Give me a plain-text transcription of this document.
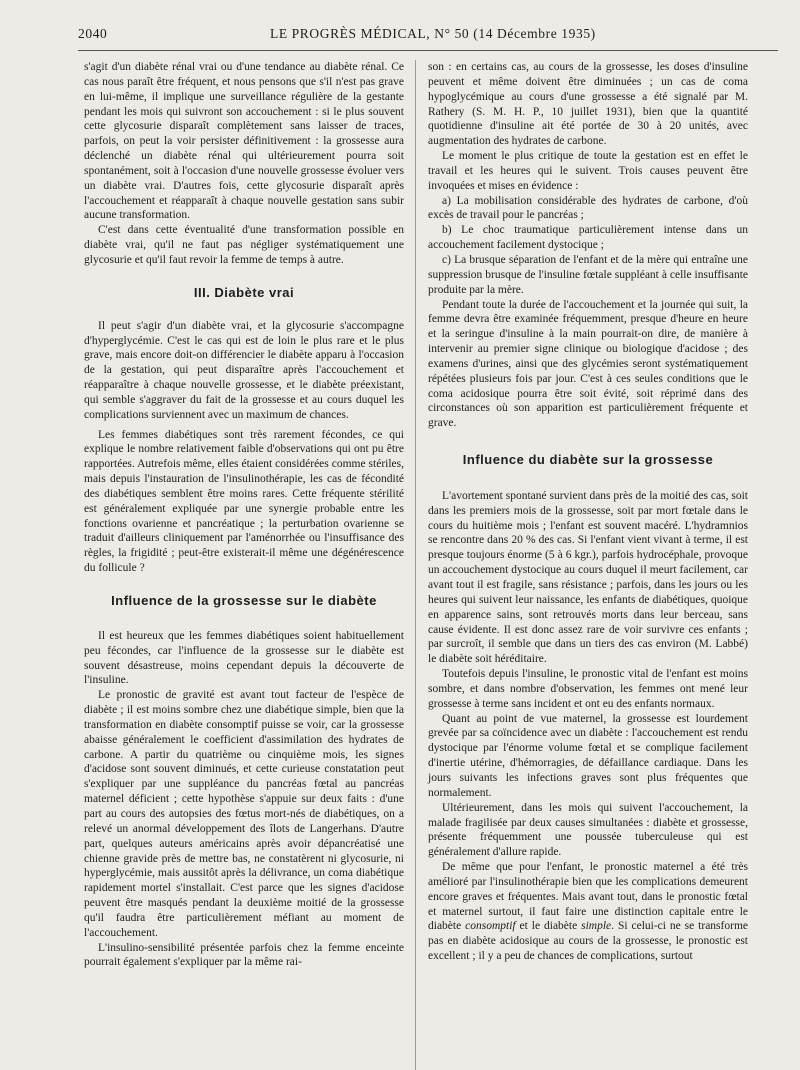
2040	LE PROGRÈS MÉDICAL, N° 50 (14 Décembre 1935)

s'agit d'un diabète rénal vrai ou d'une tendance au diabète rénal. Ce cas nous paraît être fréquent, et nous pensons que s'il n'est pas grave en lui-même, il implique une surveillance régulière de la gestante pendant les mois qui suivront son accouchement : si le plus souvent cette glycosurie disparaît complètement sans laisser de traces, parfois, on peut la voir persister définitivement : la grossesse aura déclenché un diabète rénal qui ultérieurement pourra soit spontanément, soit à l'occasion d'une nouvelle grossesse évoluer vers un diabète vrai. D'autres fois, cette glycosurie disparaît après l'accouchement et réapparaît à chaque nouvelle gestation sans subir aucune transformation.

C'est dans cette éventualité d'une transformation possible en diabète vrai, qu'il ne faut pas négliger systématiquement une glycosurie et qu'il faut revoir la femme de temps à autre.

III. Diabète vrai

Il peut s'agir d'un diabète vrai, et la glycosurie s'accompagne d'hyperglycémie. C'est le cas qui est de loin le plus rare et le plus grave, mais encore doit-on différencier le diabète apparu à l'occasion de la gestation, qui peut disparaître après l'accouchement et réapparaître à chaque nouvelle grossesse, et le diabète préexistant, qui semble s'aggraver du fait de la grossesse et au cours duquel les complications surviennent avec un maximum de chances.

Les femmes diabétiques sont très rarement fécondes, ce qui explique le nombre relativement faible d'observations qui ont pu être rapportées. Autrefois même, elles étaient considérées comme stériles, mais depuis l'instauration de l'insulinothérapie, les cas de fécondité des diabétiques semblent être moins rares. Cette fréquente stérilité est généralement expliquée par une synergie probable entre les fonctions ovarienne et pancréatique ; la perturbation ovarienne se traduit d'ailleurs cliniquement par l'aménorrhée ou l'insuffisance des règles, la frigidité ; peut-être existerait-il même une dégénérescence du follicule ?

Influence de la grossesse sur le diabète

Il est heureux que les femmes diabétiques soient habituellement peu fécondes, car l'influence de la grossesse sur le diabète est souvent désastreuse, moins cependant depuis la découverte de l'insuline.

Le pronostic de gravité est avant tout facteur de l'espèce de diabète ; il est moins sombre chez une diabétique simple, bien que la transformation en diabète consomptif puisse se voir, car la grossesse abaisse généralement le coefficient d'assimilation des hydrates de carbone. A partir du quatrième ou cinquième mois, les signes d'acidose sont souvent diminués, et cette curieuse constatation peut s'expliquer par une suppléance du pancréas fœtal au pancréas maternel déficient ; cette hypothèse s'appuie sur deux faits : d'une part au cours des autopsies des fœtus mort-nés de diabétiques, on a relevé un anormal développement des îlots de Langerhans. D'autre part, quelques auteurs américains après avoir dépancréatisé une chienne gravide près de mettre bas, ne constatèrent ni glycosurie, ni hyperglycémie, mais aussitôt après la délivrance, un coma diabétique rapidement mortel s'installait. C'est parce que les signes d'acidose peuvent être masqués pendant la deuxième moitié de la grossesse qu'il faudra être particulièrement méfiant au moment de l'accouchement.

L'insulino-sensibilité présentée parfois chez la femme enceinte pourrait également s'expliquer par la même rai-

son : en certains cas, au cours de la grossesse, les doses d'insuline peuvent et même doivent être diminuées ; un cas de coma hypoglycémique au cours d'une grossesse a été signalé par M. Rathery (S. M. H. P., 10 juillet 1931), bien que la quantité quotidienne d'insuline ait été portée de 30 à 20 unités, avec augmentation des hydrates de carbone.

Le moment le plus critique de toute la gestation est en effet le travail et les heures qui le suivent. Trois causes peuvent être invoquées et mises en évidence :

a) La mobilisation considérable des hydrates de carbone, d'où excès de travail pour le pancréas ;

b) Le choc traumatique particulièrement intense dans un accouchement facilement dystocique ;

c) La brusque séparation de l'enfant et de la mère qui entraîne une suppression brusque de l'insuline fœtale suppléant à celle insuffisante produite par la mère.

Pendant toute la durée de l'accouchement et la journée qui suit, la femme devra être examinée fréquemment, presque d'heure en heure et la seringue d'insuline à la main pourrait-on dire, de manière à intervenir au premier signe clinique ou biologique d'acidose ; des examens d'urines, ainsi que des glycémies seront systématiquement répétées plusieurs fois par jour. C'est à ces seules conditions que le coma acidosique pourra être soit évité, soit réprimé dans des circonstances où son apparition est particulièrement fréquente et grave.

Influence du diabète sur la grossesse

L'avortement spontané survient dans près de la moitié des cas, soit dans les premiers mois de la grossesse, soit par mort fœtale dans le cours du huitième mois ; l'enfant est souvent macéré. L'hydramnios se rencontre dans 20 % des cas. Si l'enfant vient vivant à terme, il est presque toujours énorme (5 à 6 kgr.), parfois hydrocéphale, provoque un accouchement dystocique au cours duquel il meurt facilement, car avant tout il est fragile, sans résistance ; parfois, dans les jours ou les heures qui suivent leur naissance, les enfants de diabétiques, quoique en apparence sains, sont retrouvés morts dans leur berceau, sans cause évidente. Il est donc assez rare de voir survivre ces enfants ; par surcroît, il semble que dans un tiers des cas environ (M. Labbé) le diabète soit héréditaire.

Toutefois depuis l'insuline, le pronostic vital de l'enfant est moins sombre, et dans nombre d'observation, les femmes ont mené leur grossesse à terme sans incident et ont eu des enfants normaux.

Quant au point de vue maternel, la grossesse est lourdement grevée par sa coïncidence avec un diabète : l'accouchement est rendu dystocique par l'énorme volume fœtal et se complique facilement d'inertie utérine, d'hémorragies, de défaillance cardiaque. Dans les jours suivants les infections graves sont plus fréquentes que normalement.

Ultérieurement, dans les mois qui suivent l'accouchement, la malade fragilisée par deux causes simultanées : diabète et grossesse, présente fréquemment une poussée tuberculeuse qui est généralement d'allure rapide.

De même que pour l'enfant, le pronostic maternel a été très amélioré par l'insulinothérapie bien que les complications demeurent encore graves et fréquentes. Mais avant tout, dans le pronostic fœtal et maternel surtout, il faut faire une distinction capitale entre le diabète consomptif et le diabète simple. Si celui-ci ne se transforme pas en diabète acidosique au cours de la grossesse, le pronostic est excellent ; il y a peu de chances de complications, surtout
